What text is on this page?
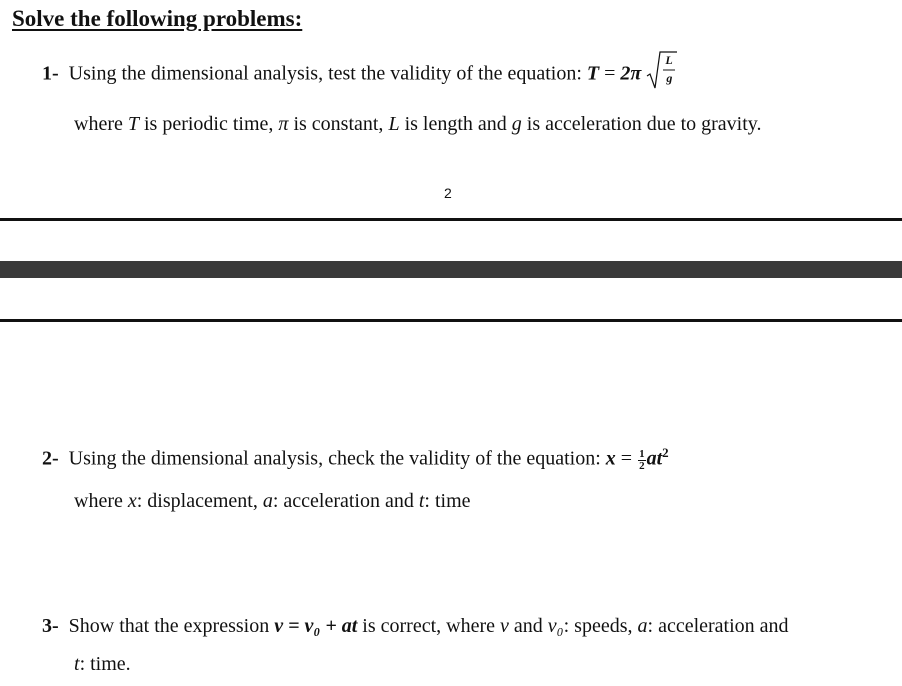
Solve the following problems:
1- Using the dimensional analysis, test the validity of the equation: T = 2π
L
g
where T is periodic time, π is constant, L is length and g is acceleration due to gravity.
2
2- Using the dimensional analysis, check the validity of the equation: $x = \frac{1}{2} at^2$
where x: displacement, a: acceleration and t: time
3- Show that the expression v = v₀ + at is correct, where v and v₀: speeds, a: acceleration and
t: time.
